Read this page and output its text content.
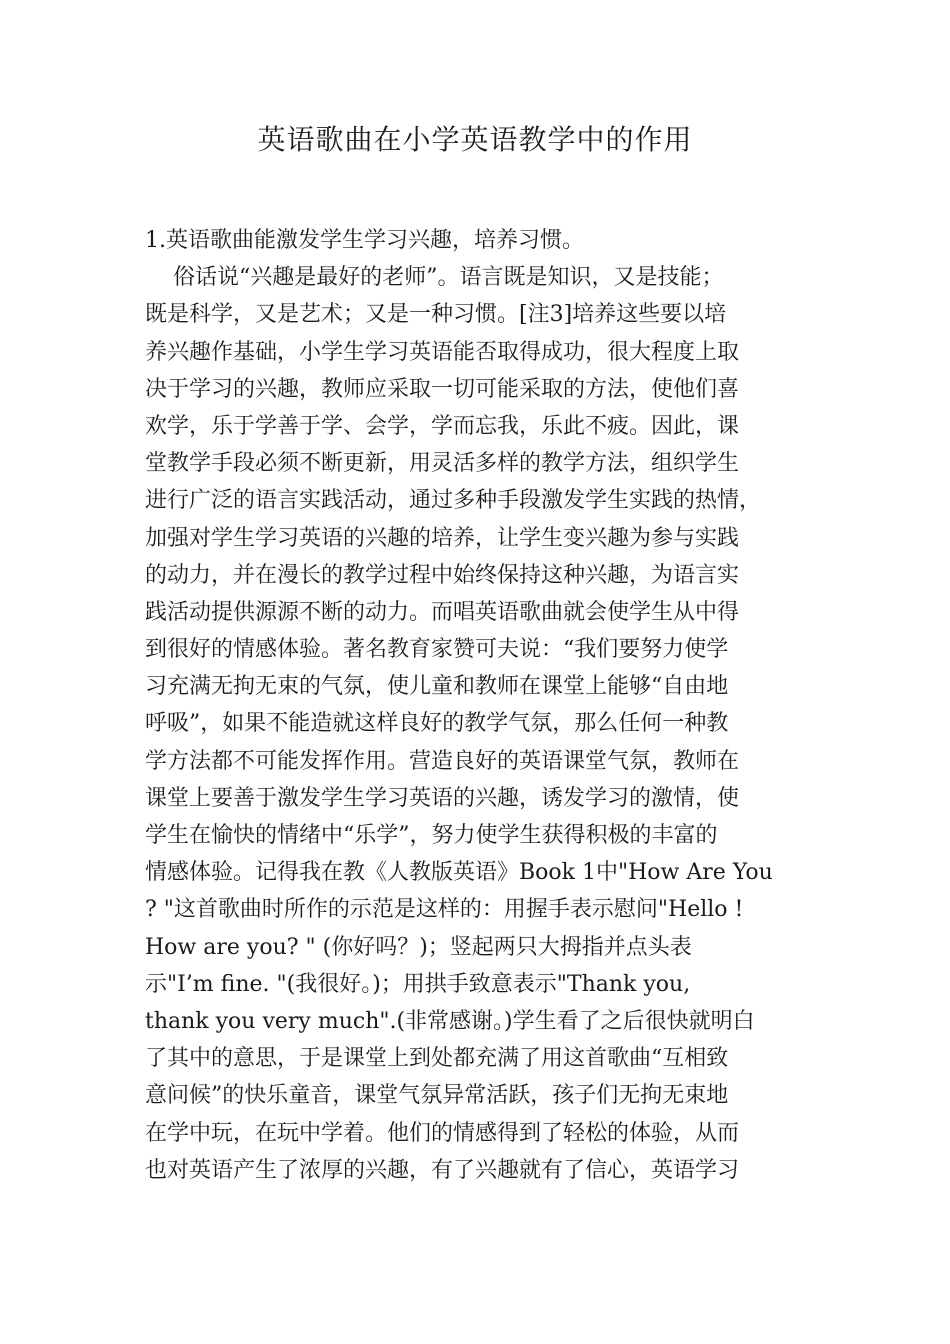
英语歌曲在小学英语教学中的作用
1.英语歌曲能激发学生学习兴趣，培养习惯。
俗话说“兴趣是最好的老师”。语言既是知识，又是技能；
既是科学，又是艺术；又是一种习惯。[注3]培养这些要以培
养兴趣作基础，小学生学习英语能否取得成功，很大程度上取
决于学习的兴趣，教师应采取一切可能采取的方法，使他们喜
欢学，乐于学善于学、会学，学而忘我，乐此不疲。因此，课
堂教学手段必须不断更新，用灵活多样的教学方法，组织学生
进行广泛的语言实践活动，通过多种手段激发学生实践的热情，
加强对学生学习英语的兴趣的培养，让学生变兴趣为参与实践
的动力，并在漫长的教学过程中始终保持这种兴趣，为语言实
践活动提供源源不断的动力。而唱英语歌曲就会使学生从中得
到很好的情感体验。著名教育家赞可夫说：“我们要努力使学
习充满无拘无束的气氛，使儿童和教师在课堂上能够“自由地
呼吸”，如果不能造就这样良好的教学气氛，那么任何一种教
学方法都不可能发挥作用。营造良好的英语课堂气氛，教师在
课堂上要善于激发学生学习英语的兴趣，诱发学习的激情，使
学生在愉快的情绪中“乐学”，努力使学生获得积极的丰富的
情感体验。记得我在教《人教版英语》Book 1中"How Are You
? "这首歌曲时所作的示范是这样的：用握手表示慰问"Hello !
How are you? " (你好吗？)；竖起两只大拇指并点头表
示"I’m fine. "(我很好。)；用拱手致意表示"Thank you,
thank you very much".(非常感谢。)学生看了之后很快就明白
了其中的意思，于是课堂上到处都充满了用这首歌曲“互相致
意问候”的快乐童音，课堂气氛异常活跃，孩子们无拘无束地
在学中玩，在玩中学着。他们的情感得到了轻松的体验，从而
也对英语产生了浓厚的兴趣，有了兴趣就有了信心，英语学习
